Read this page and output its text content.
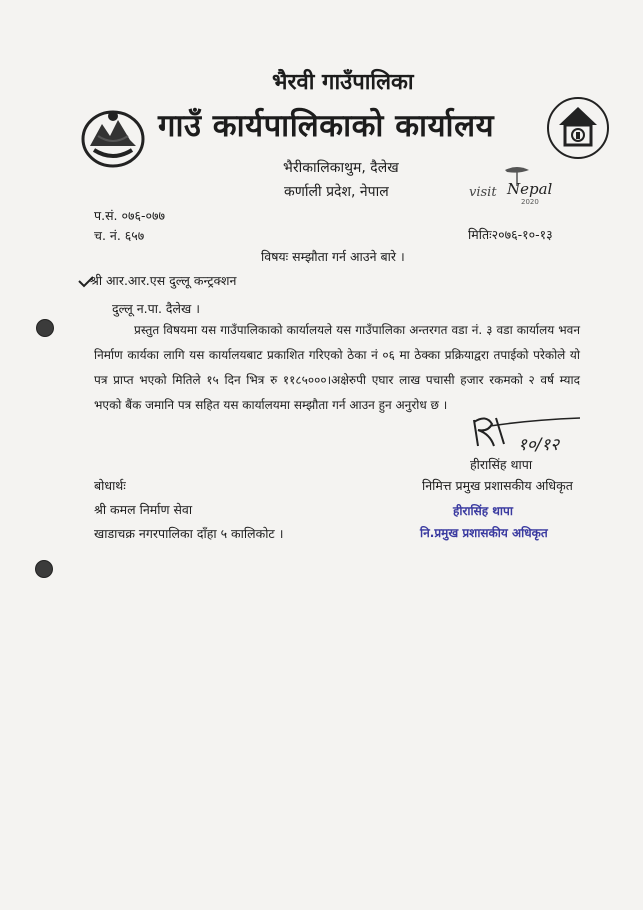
भैरवी गाउँपालिका
गाउँ कार्यपालिकाको कार्यालय
भैरीकालिकाथुम, दैलेख
कर्णाली प्रदेश, नेपाल	visit Nepal
2020
प.सं. ०७६-०७७
च. नं. ६५७	मितिः२०७६-१०-१३
विषयः सम्झौता गर्न आउने बारे ।
श्री आर.आर.एस दुल्लू कन्ट्रक्शन
दुल्लू न.पा. दैलेख ।
प्रस्तुत विषयमा यस गाउँपालिकाको कार्यालयले यस गाउँपालिका अन्तरगत वडा नं. ३ वडा कार्यालय भवन निर्माण कार्यका लागि यस कार्यालयबाट प्रकाशित गरिएको ठेका नं ०६ मा ठेक्का प्रक्रियाद्वरा तपाईको परेकोले यो पत्र प्राप्त भएको मितिले १५ दिन भित्र रु ११८५०००।अक्षेरुपी एघार लाख पचासी हजार रकमको २ वर्ष म्याद भएको बैंक जमानि पत्र सहित यस कार्यालयमा सम्झौता गर्न आउन हुन अनुरोध छ ।
१०/१२
हीरासिंह थापा
निमित्त प्रमुख प्रशासकीय अधिकृत
बोधार्थः
श्री कमल निर्माण सेवा
खाडाचक्र नगरपालिका दाँहा ५ कालिकोट ।
हीरासिंह थापा
नि.प्रमुख प्रशासकीय अधिकृत
